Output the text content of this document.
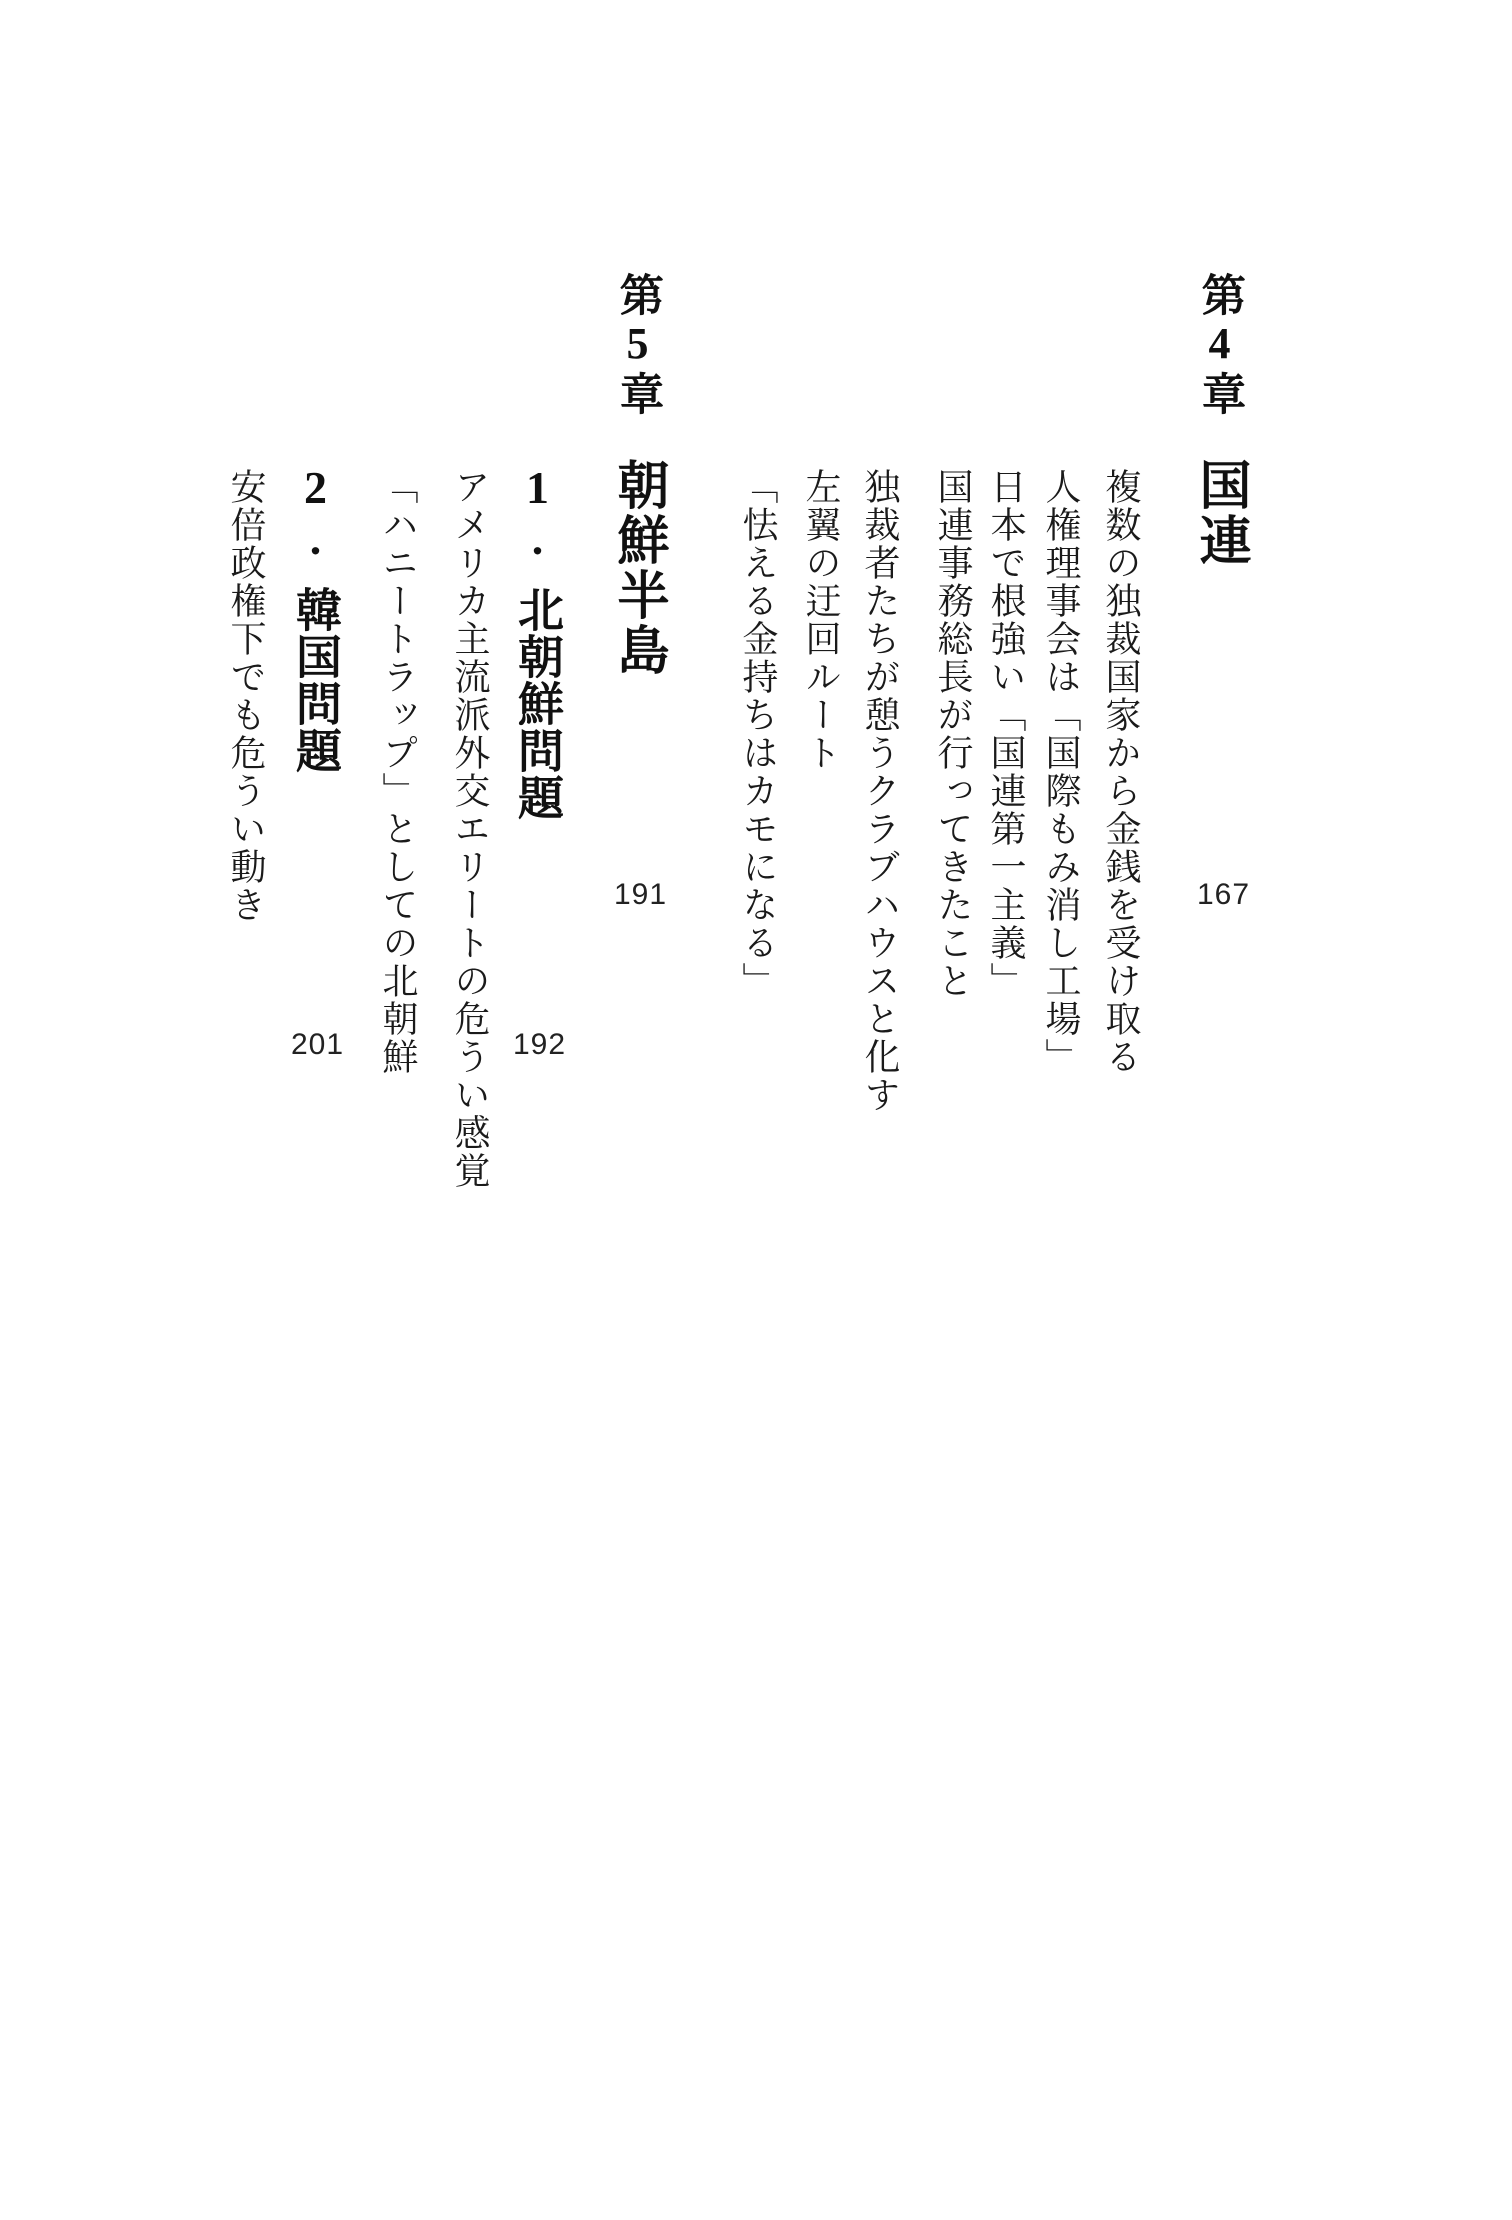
第4章国連
167
複数の独裁国家から金銭を受け取る
人権理事会は「国際もみ消し工場」
日本で根強い「国連第一主義」
国連事務総長が行ってきたこと
独裁者たちが憩うクラブハウスと化す
左翼の迂回ルート
「怯える金持ちはカモになる」
第5章朝鮮半島
191
1.北朝鮮問題
192
アメリカ主流派外交エリートの危うい感覚
「ハニートラップ」としての北朝鮮
2.韓国問題
201
安倍政権下でも危うい動き
